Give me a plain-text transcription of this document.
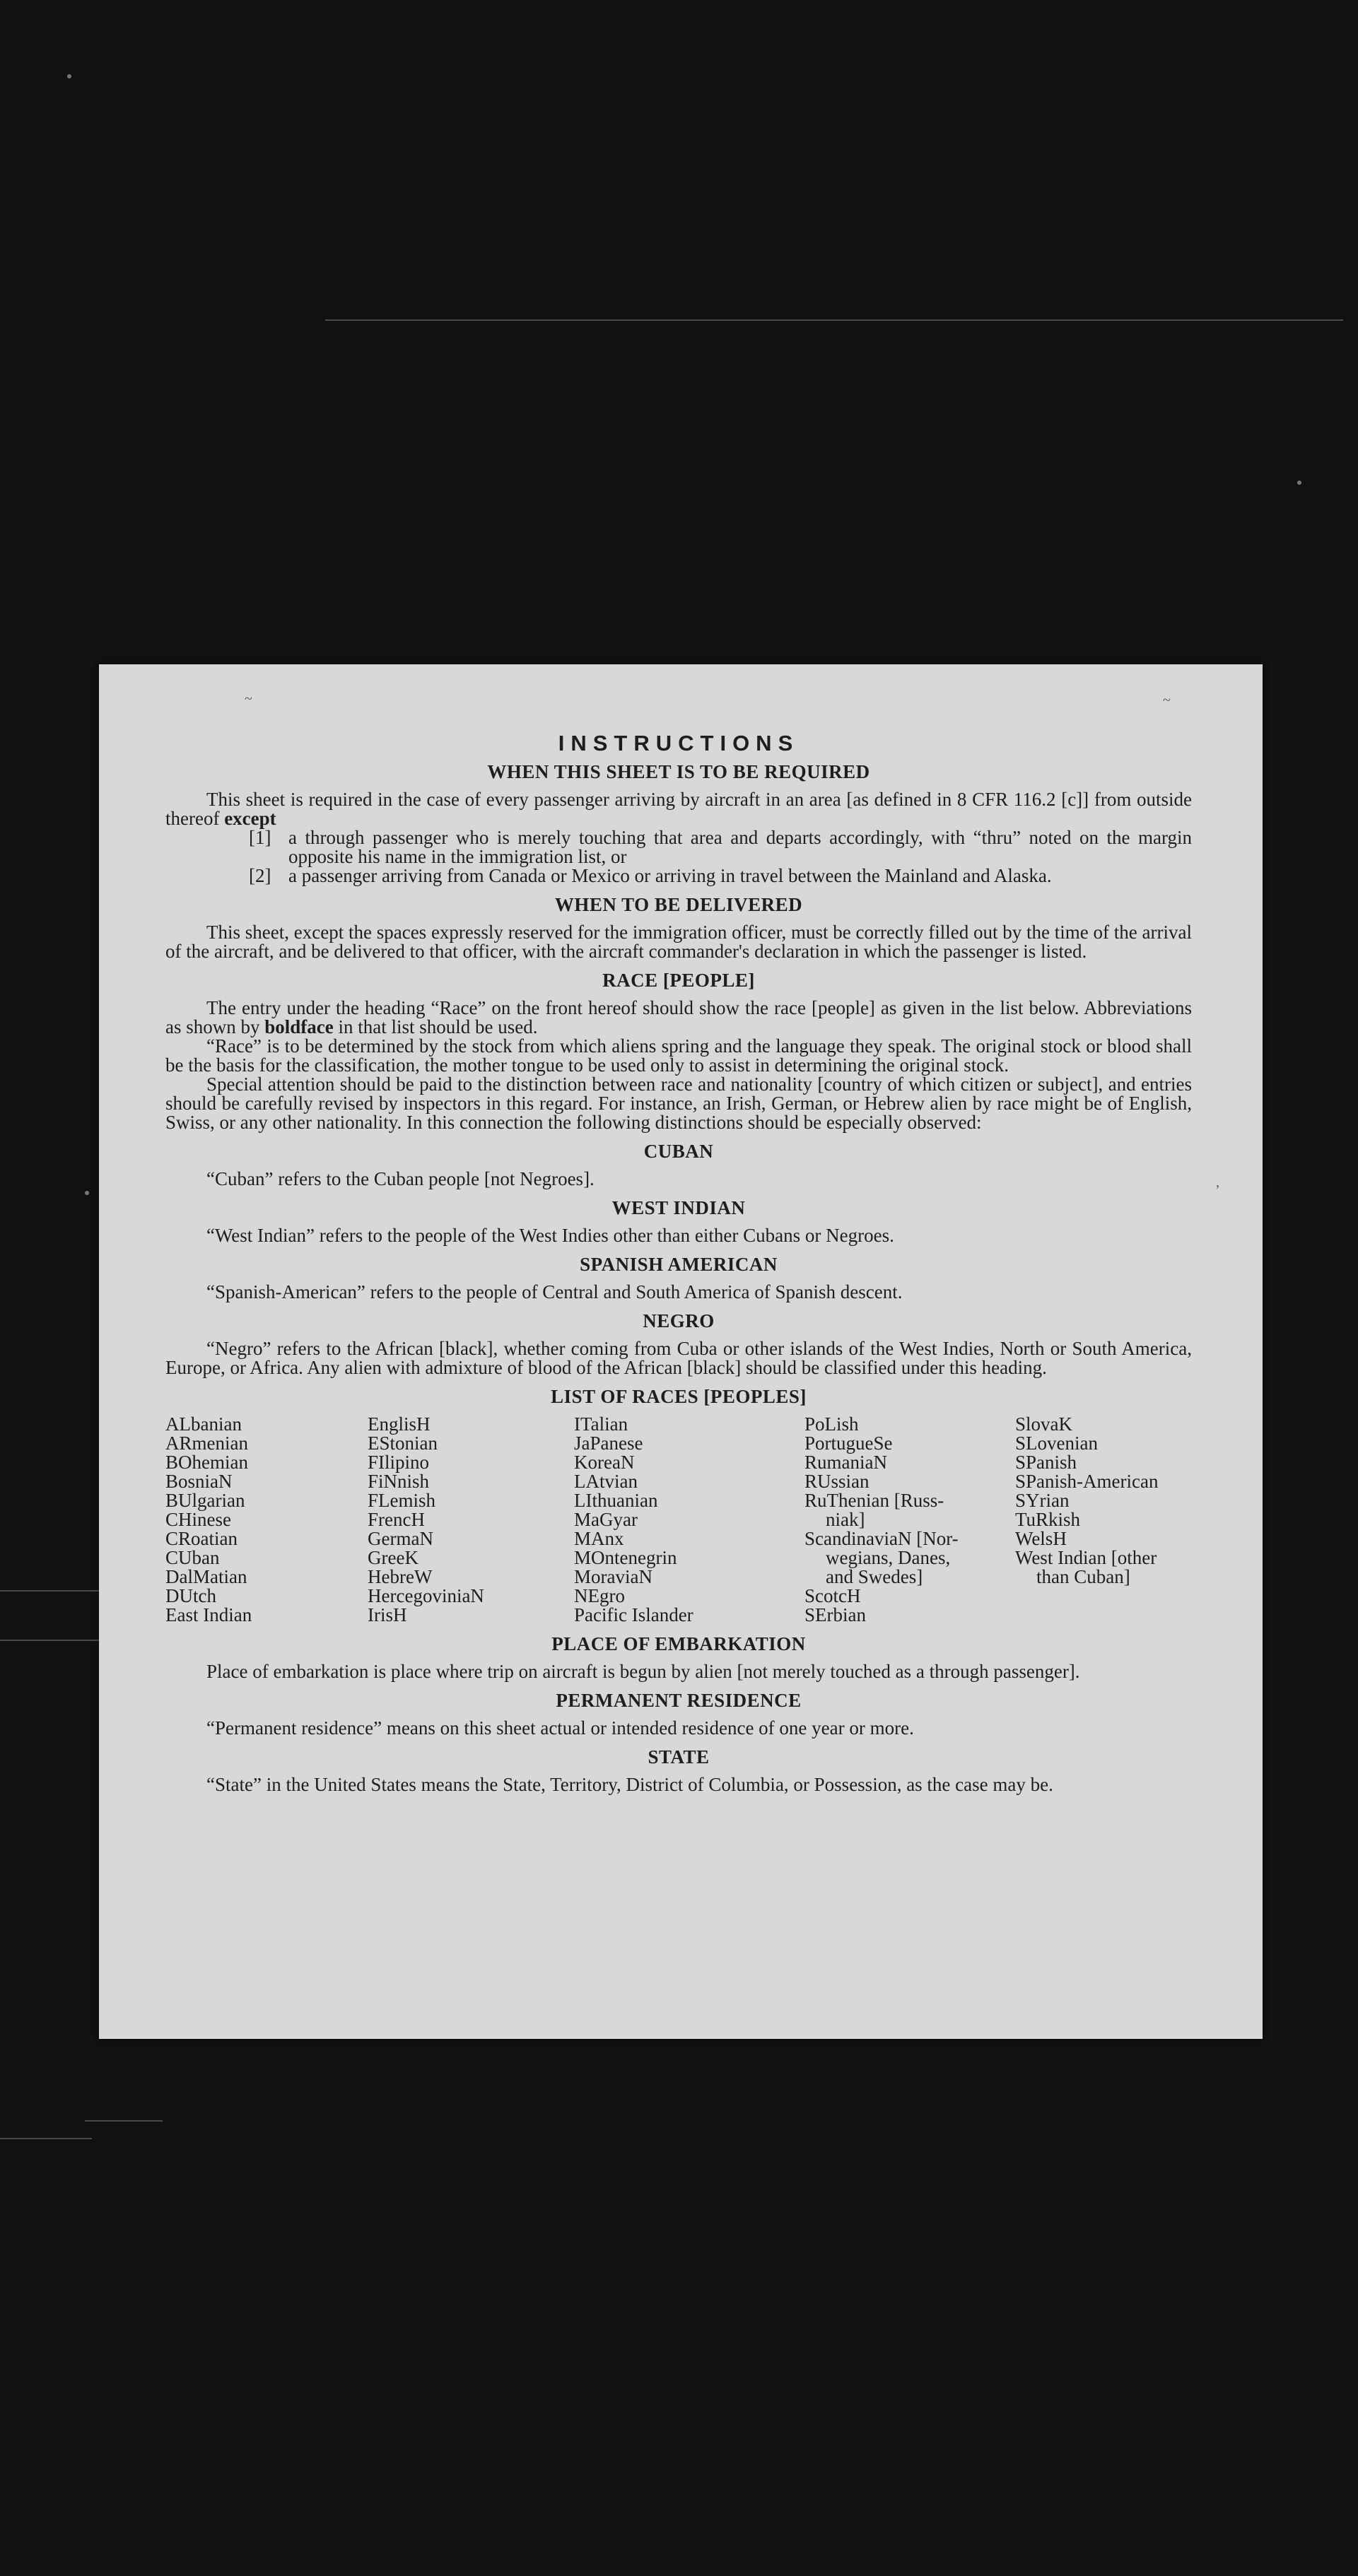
~	~
,
INSTRUCTIONS
WHEN THIS SHEET IS TO BE REQUIRED

This sheet is required in the case of every passenger arriving by aircraft in an area [as defined in 8 CFR 116.2 [c]] from outside thereof except

[1] a through passenger who is merely touching that area and departs accordingly, with “thru” noted on the margin opposite his name in the immigration list, or
[2] a passenger arriving from Canada or Mexico or arriving in travel between the Mainland and Alaska.
WHEN TO BE DELIVERED

This sheet, except the spaces expressly reserved for the immigration officer, must be correctly filled out by the time of the arrival of the aircraft, and be delivered to that officer, with the aircraft commander's declaration in which the passenger is listed.

RACE [PEOPLE]

The entry under the heading “Race” on the front hereof should show the race [people] as given in the list below. Abbreviations as shown by boldface in that list should be used.

“Race” is to be determined by the stock from which aliens spring and the language they speak. The original stock or blood shall be the basis for the classification, the mother tongue to be used only to assist in determining the original stock.

Special attention should be paid to the distinction between race and nationality [country of which citizen or subject], and entries should be carefully revised by inspectors in this regard. For instance, an Irish, German, or Hebrew alien by race might be of English, Swiss, or any other nationality. In this connection the following distinctions should be especially observed:

CUBAN

“Cuban” refers to the Cuban people [not Negroes].

WEST INDIAN

“West Indian” refers to the people of the West Indies other than either Cubans or Negroes.

SPANISH AMERICAN

“Spanish-American” refers to the people of Central and South America of Spanish descent.

NEGRO

“Negro” refers to the African [black], whether coming from Cuba or other islands of the West Indies, North or South America, Europe, or Africa. Any alien with admixture of blood of the African [black] should be classified under this heading.

LIST OF RACES [PEOPLES]
ALbanian
ARmenian
BOhemian
BosniaN
BUlgarian
CHinese
CRoatian
CUban
DalMatian
DUtch
East Indian
EnglisH
EStonian
FIlipino
FiNnish
FLemish
FrencH
GermaN
GreeK
HebreW
HercegoviniaN
IrisH
ITalian
JaPanese
KoreaN
LAtvian
LIthuanian
MaGyar
MAnx
MOntenegrin
MoraviaN
NEgro
Pacific Islander
PoLish
PortugueSe
RumaniaN
RUssian
RuThenian [Russ-
niak]
ScandinaviaN [Nor-
wegians, Danes,
and Swedes]
ScotcH
SErbian
SlovaK
SLovenian
SPanish
SPanish-American
SYrian
TuRkish
WelsH
West Indian [other
than Cuban]
PLACE OF EMBARKATION

Place of embarkation is place where trip on aircraft is begun by alien [not merely touched as a through passenger].

PERMANENT RESIDENCE

“Permanent residence” means on this sheet actual or intended residence of one year or more.

STATE

“State” in the United States means the State, Territory, District of Columbia, or Possession, as the case may be.
